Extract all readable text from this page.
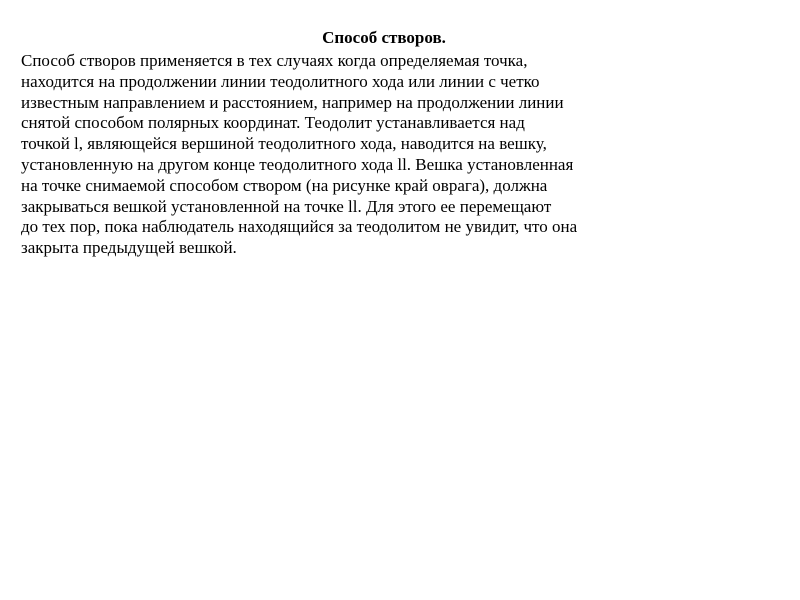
Способ створов.
Способ створов применяется в тех случаях когда определяемая точка,
находится на продолжении линии теодолитного хода или линии с четко
известным направлением и расстоянием, например на продолжении линии
снятой способом полярных координат. Теодолит устанавливается над
точкой l, являющейся вершиной теодолитного хода, наводится на вешку,
установленную на другом конце теодолитного хода ll. Вешка установленная
на точке снимаемой способом створом (на рисунке край оврага), должна
закрываться вешкой установленной на точке ll. Для этого ее перемещают
до тех пор, пока наблюдатель находящийся за теодолитом не увидит, что она
закрыта предыдущей вешкой.
